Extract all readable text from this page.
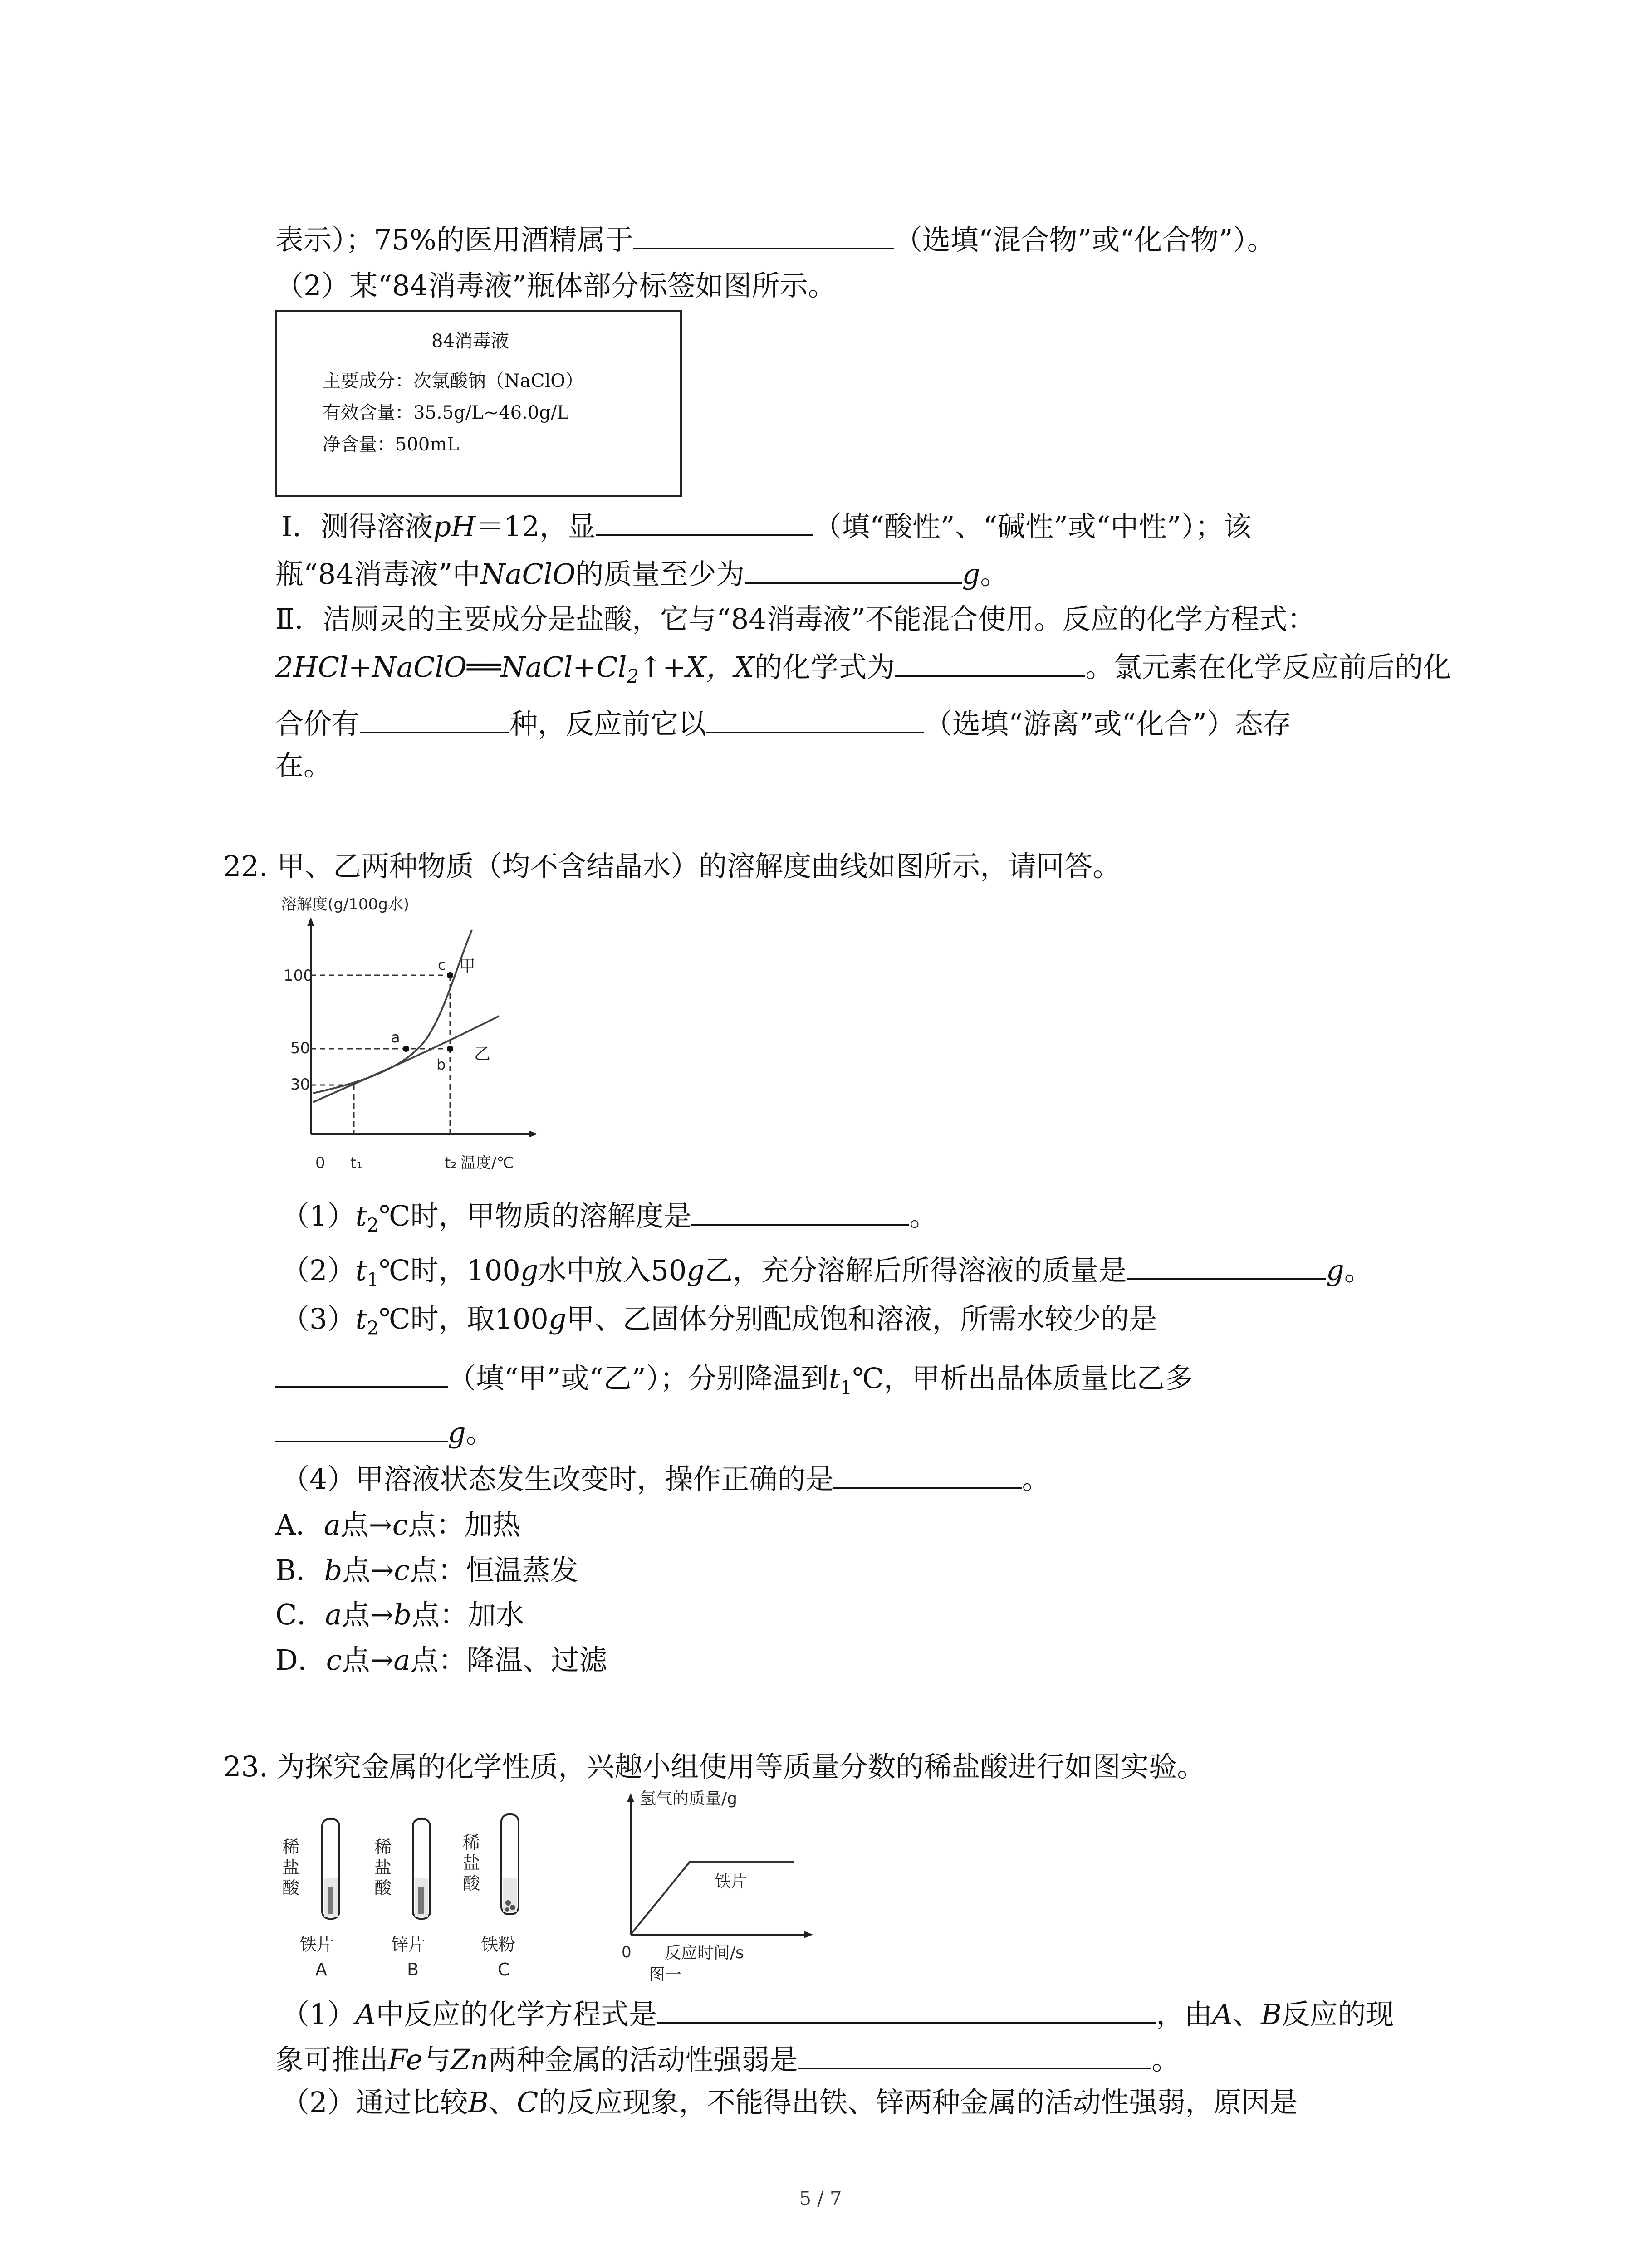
表示）；75%的医用酒精属于	（选填“混合物”或“化合物”）。
（2）某“84消毒液”瓶体部分标签如图所示。
84消毒液
主要成分：次氯酸钠（NaClO）
有效含量：35.5g/L~46.0g/L
净含量：500mL
Ⅰ．测得溶液pH＝12，显	（填“酸性”、“碱性”或“中性”）；该
瓶“84消毒液”中NaClO的质量至少为	g。
Ⅱ．洁厕灵的主要成分是盐酸，它与“84消毒液”不能混合使用。反应的化学方程式：
$2HCl+NaClO══NaCl+Cl_2↑+X$，X的化学式为	。氯元素在化学反应前后的化
合价有	种，反应前它以	（选填“游离”或“化合”）态存
在。
22. 甲、乙两种物质（均不含结晶水）的溶解度曲线如图所示，请回答。
溶解度(g/100g水)
0 t₁	t₂ 温度/℃
100
50
30
a
b
c 甲
乙
$(1)t_2℃$时，甲物质的溶解度是	。
$(2)t_1℃$时，100g水中放入50g乙，充分溶解后所得溶液的质量是	g。
$(3)t_2℃$时，取100g甲、乙固体分别配成饱和溶液，所需水较少的是
（填“甲”或“乙”）；分别降温到$t_1℃$，甲析出晶体质量比乙多
g。
（4）甲溶液状态发生改变时，操作正确的是	。
A．a点→c点：加热
B．b点→c点：恒温蒸发
C．a点→b点：加水
D．c点→a点：降温、过滤
23. 为探究金属的化学性质，兴趣小组使用等质量分数的稀盐酸进行如图实验。
稀
盐
酸
铁片
A
稀
盐
酸
锌片
B
稀
盐
酸
铁粉
C
稀
氢气的质量/g
0 反应时间/s
铁片
图一
（1）A中反应的化学方程式是	，由A、B反应的现
象可推出Fe与Zn两种金属的活动性强弱是	。
（2）通过比较B、C的反应现象，不能得出铁、锌两种金属的活动性强弱，原因是
5 / 7
